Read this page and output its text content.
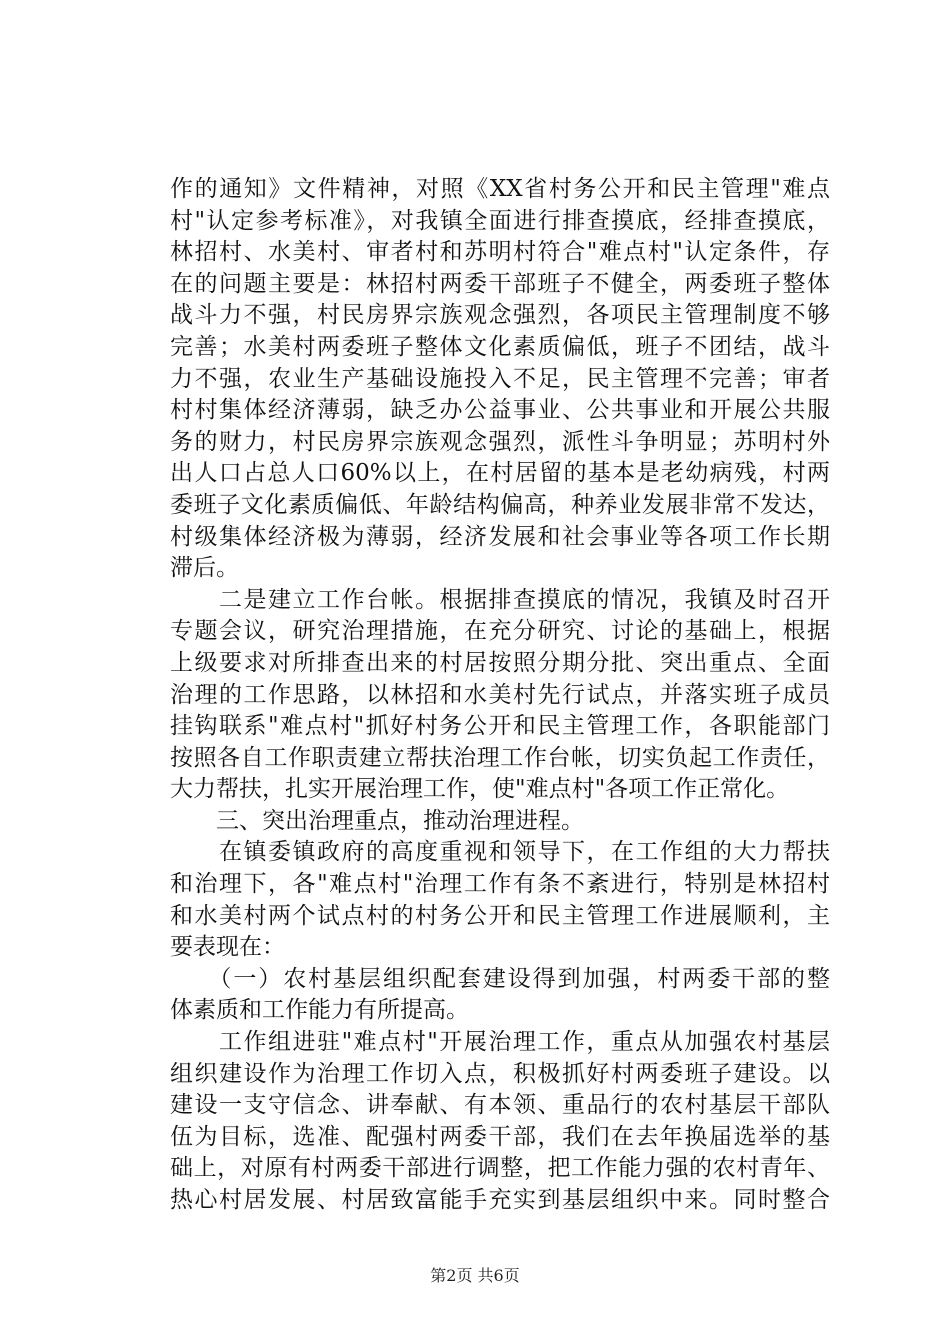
作的通知》文件精神，对照《XX省村务公开和民主管理"难点
村"认定参考标准》，对我镇全面进行排查摸底，经排查摸底，
林招村、水美村、审者村和苏明村符合"难点村"认定条件，存
在的问题主要是：林招村两委干部班子不健全，两委班子整体
战斗力不强，村民房界宗族观念强烈，各项民主管理制度不够
完善；水美村两委班子整体文化素质偏低，班子不团结，战斗
力不强，农业生产基础设施投入不足，民主管理不完善；审者
村村集体经济薄弱，缺乏办公益事业、公共事业和开展公共服
务的财力，村民房界宗族观念强烈，派性斗争明显；苏明村外
出人口占总人口60%以上，在村居留的基本是老幼病残，村两
委班子文化素质偏低、年龄结构偏高，种养业发展非常不发达，
村级集体经济极为薄弱，经济发展和社会事业等各项工作长期
滞后。
　　二是建立工作台帐。根据排查摸底的情况，我镇及时召开
专题会议，研究治理措施，在充分研究、讨论的基础上，根据
上级要求对所排查出来的村居按照分期分批、突出重点、全面
治理的工作思路，以林招和水美村先行试点，并落实班子成员
挂钩联系"难点村"抓好村务公开和民主管理工作，各职能部门
按照各自工作职责建立帮扶治理工作台帐，切实负起工作责任，
大力帮扶，扎实开展治理工作，使"难点村"各项工作正常化。
　　三、突出治理重点，推动治理进程。
　　在镇委镇政府的高度重视和领导下，在工作组的大力帮扶
和治理下，各"难点村"治理工作有条不紊进行，特别是林招村
和水美村两个试点村的村务公开和民主管理工作进展顺利，主
要表现在：
　　（一）农村基层组织配套建设得到加强，村两委干部的整
体素质和工作能力有所提高。
　　工作组进驻"难点村"开展治理工作，重点从加强农村基层
组织建设作为治理工作切入点，积极抓好村两委班子建设。以
建设一支守信念、讲奉献、有本领、重品行的农村基层干部队
伍为目标，选准、配强村两委干部，我们在去年换届选举的基
础上，对原有村两委干部进行调整，把工作能力强的农村青年、
热心村居发展、村居致富能手充实到基层组织中来。同时整合
第2页 共6页
